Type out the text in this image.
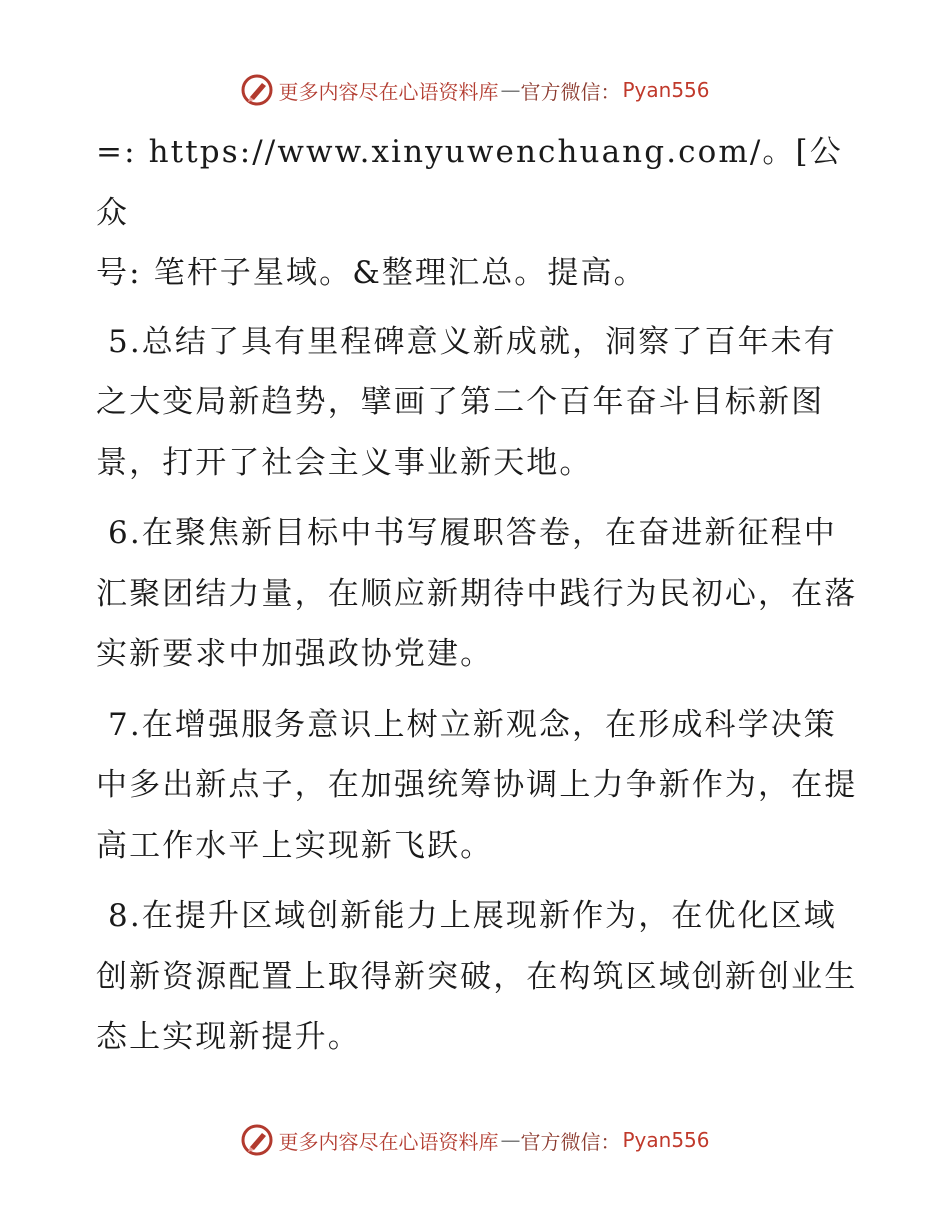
更多内容尽在心语资料库 — 官方微信： Pyan556
=: https://www.xinyuwenchuang.com/。[公众
号: 笔杆子星域。&整理汇总。提高。
5.总结了具有里程碑意义新成就，洞察了百年未有之大变局新趋势，擘画了第二个百年奋斗目标新图景，打开了社会主义事业新天地。
6.在聚焦新目标中书写履职答卷，在奋进新征程中汇聚团结力量，在顺应新期待中践行为民初心，在落实新要求中加强政协党建。
7.在增强服务意识上树立新观念，在形成科学决策中多出新点子，在加强统筹协调上力争新作为，在提高工作水平上实现新飞跃。
8.在提升区域创新能力上展现新作为，在优化区域创新资源配置上取得新突破，在构筑区域创新创业生态上实现新提升。
更多内容尽在心语资料库 — 官方微信： Pyan556
